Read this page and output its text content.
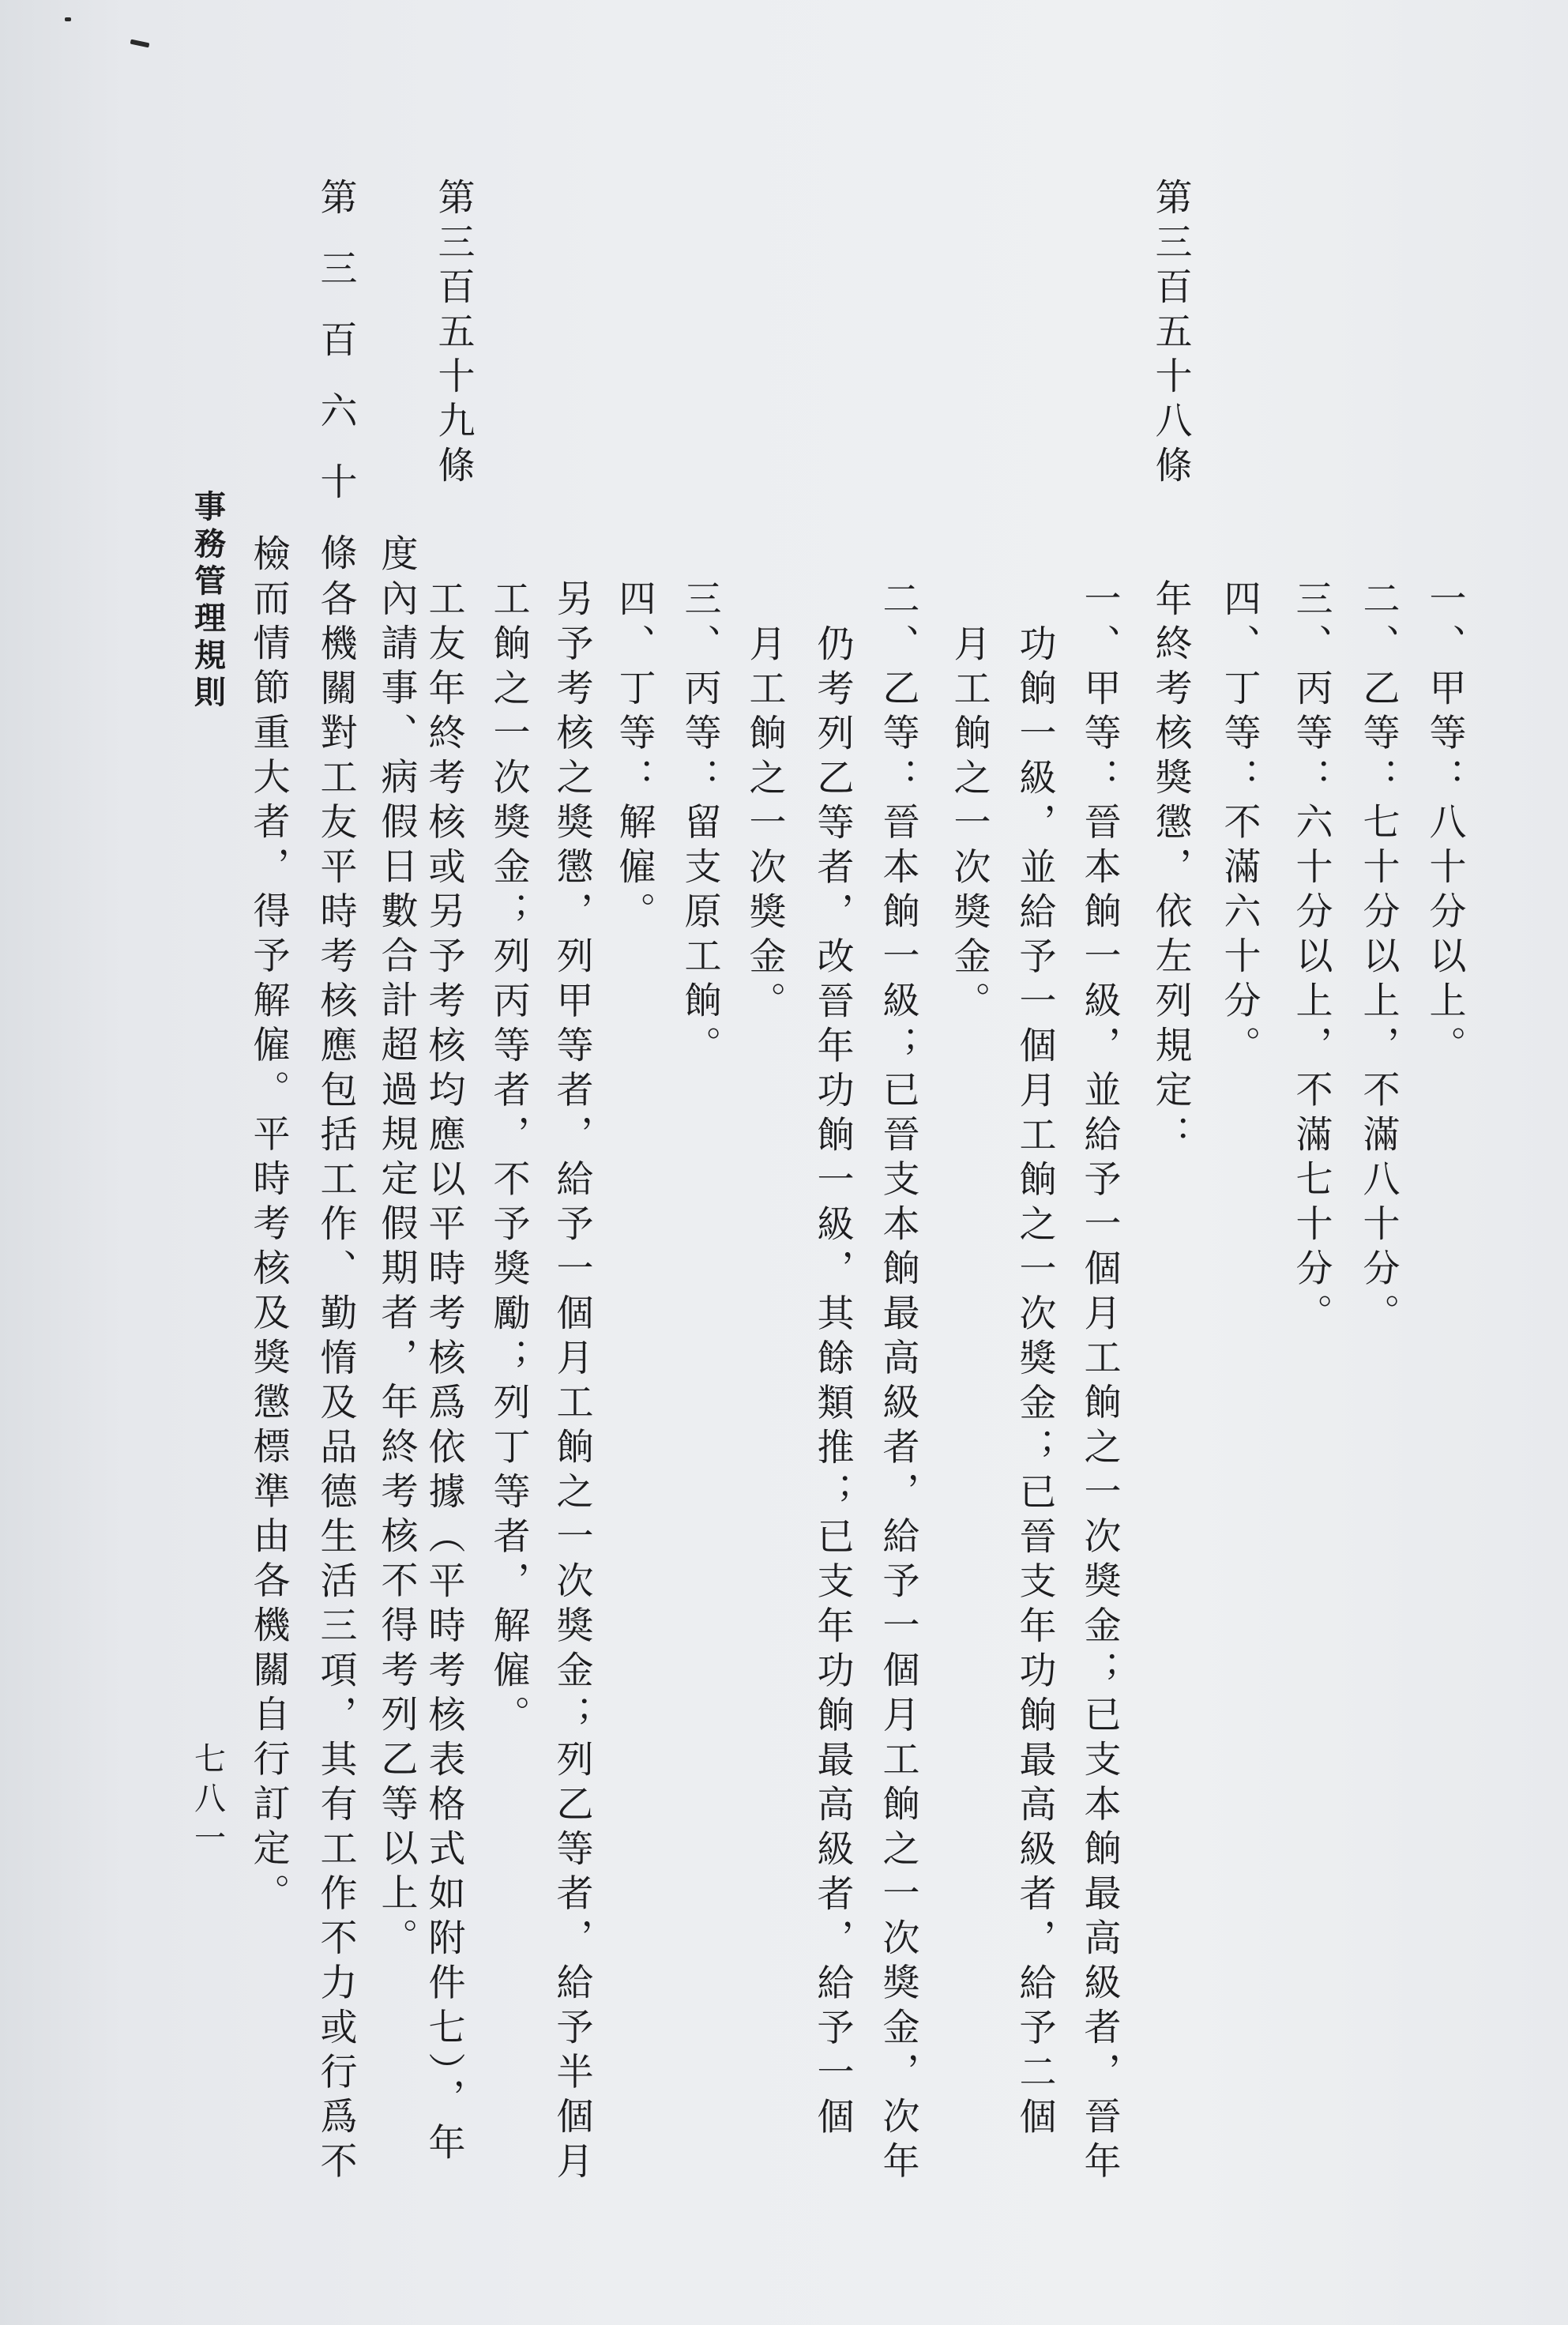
一、甲等：八十分以上。
二、乙等：七十分以上，不滿八十分。
三、丙等：六十分以上，不滿七十分。
四、丁等：不滿六十分。
第三百五十八條
年終考核獎懲，依左列規定：
一、甲等：晉本餉一級，並給予一個月工餉之一次獎金；已支本餉最高級者，晉年
功餉一級，並給予一個月工餉之一次獎金；已晉支年功餉最高級者，給予二個
月工餉之一次獎金。
二、乙等：晉本餉一級；已晉支本餉最高級者，給予一個月工餉之一次獎金，次年
仍考列乙等者，改晉年功餉一級，其餘類推；已支年功餉最高級者，給予一個
月工餉之一次獎金。
三、丙等：留支原工餉。
四、丁等：解僱。
另予考核之獎懲，列甲等者，給予一個月工餉之一次獎金；列乙等者，給予半個月
工餉之一次獎金；列丙等者，不予獎勵；列丁等者，解僱。
第三百五十九條
工友年終考核或另予考核均應以平時考核爲依據（平時考核表格式如附件七），年
度內請事、病假日數合計超過規定假期者，年終考核不得考列乙等以上。
第三百六十條
各機關對工友平時考核應包括工作、勤惰及品德生活三項，其有工作不力或行爲不
檢而情節重大者，得予解僱。平時考核及獎懲標準由各機關自行訂定。
事務管理規則
七八一
